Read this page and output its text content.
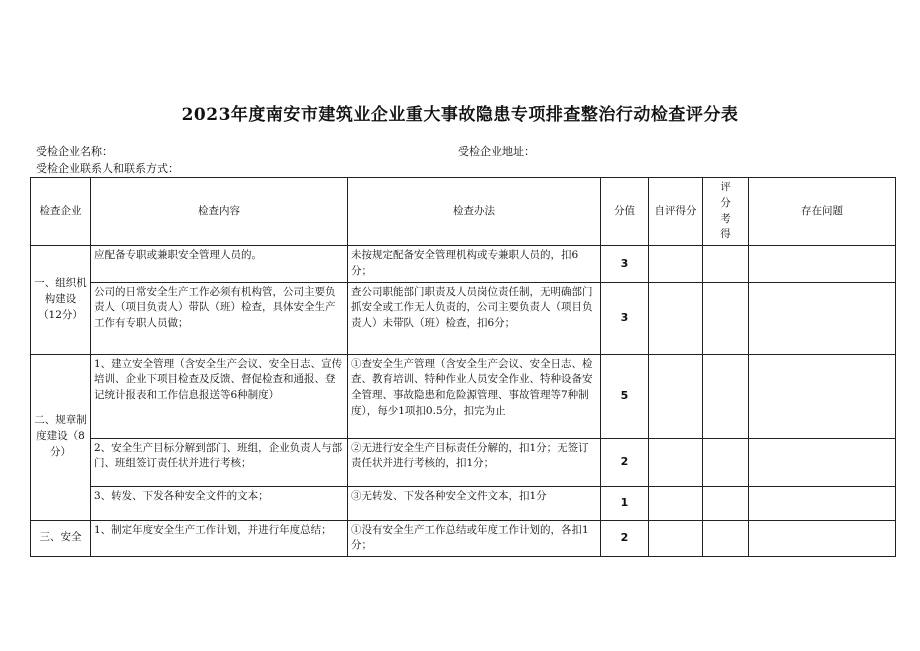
2023年度南安市建筑业企业重大事故隐患专项排查整治行动检查评分表
受检企业名称：	受检企业地址：
受检企业联系人和联系方式：
检查企业	检查内容	检查办法	分值	自评得分	评分考得	存在问题
一、组织机构建设（12分）	应配备专职或兼职安全管理人员的。	未按规定配备安全管理机构或专兼职人员的，扣6分；	3			
	公司的日常安全生产工作必须有机构管，公司主要负责人（项目负责人）带队（班）检查，具体安全生产工作有专职人员做；	查公司职能部门职责及人员岗位责任制，无明确部门抓安全或工作无人负责的，公司主要负责人（项目负责人）未带队（班）检查，扣6分；	3			
二、规章制度建设（8分）	1、建立安全管理（含安全生产会议、安全日志、宣传培训、企业下项目检查及反馈、督促检查和通报、登记统计报表和工作信息报送等6种制度）	①查安全生产管理（含安全生产会议、安全日志、检查、教育培训、特种作业人员安全作业、特种设备安全管理、事故隐患和危险源管理、事故管理等7种制度），每少1项扣0.5分，扣完为止	5			
	2、安全生产目标分解到部门、班组，企业负责人与部门、班组签订责任状并进行考核；	②无进行安全生产目标责任分解的，扣1分；无签订责任状并进行考核的，扣1分；	2			
	3、转发、下发各种安全文件的文本；	③无转发、下发各种安全文件文本，扣1分	1			
三、安全	1、制定年度安全生产工作计划，并进行年度总结；	①没有安全生产工作总结或年度工作计划的，各扣1分；	2			
